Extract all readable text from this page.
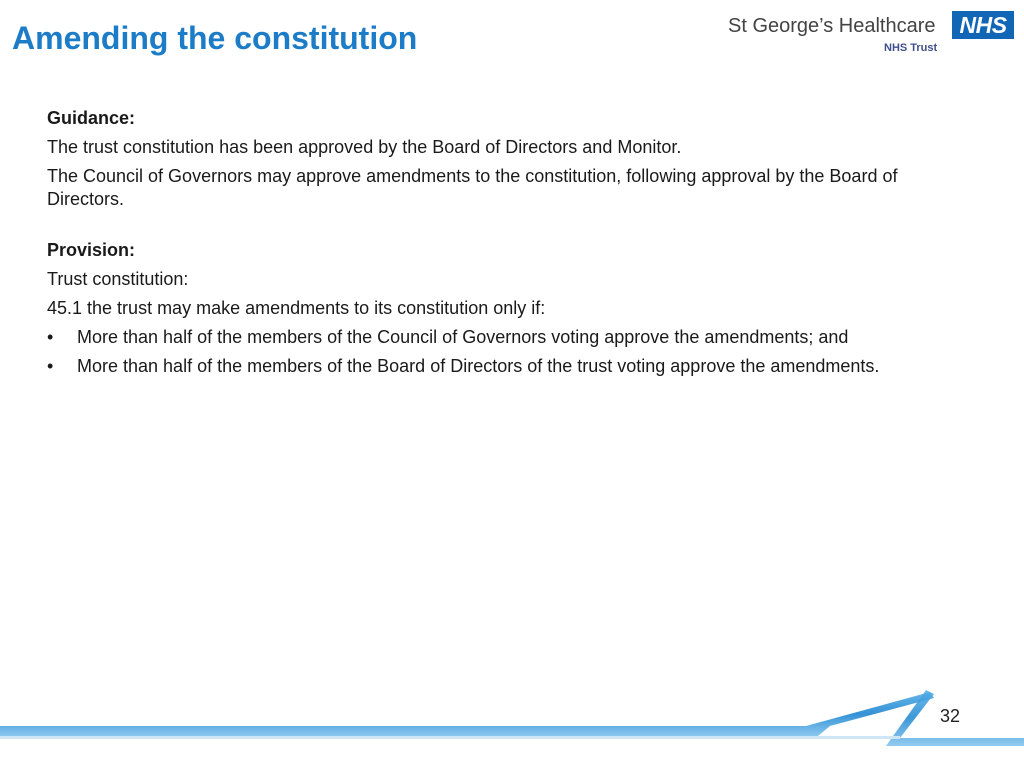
Amending the constitution	St George’s Healthcare	NHS
NHS Trust
Guidance:
The trust constitution has been approved by the Board of Directors and Monitor.
The Council of Governors may approve amendments to the constitution, following approval by the Board of Directors.
Provision:
Trust constitution:
45.1 the trust may make amendments to its constitution only if:
• More than half of the members of the Council of Governors voting approve the amendments; and
• More than half of the members of the Board of Directors of the trust voting approve the amendments.
32
